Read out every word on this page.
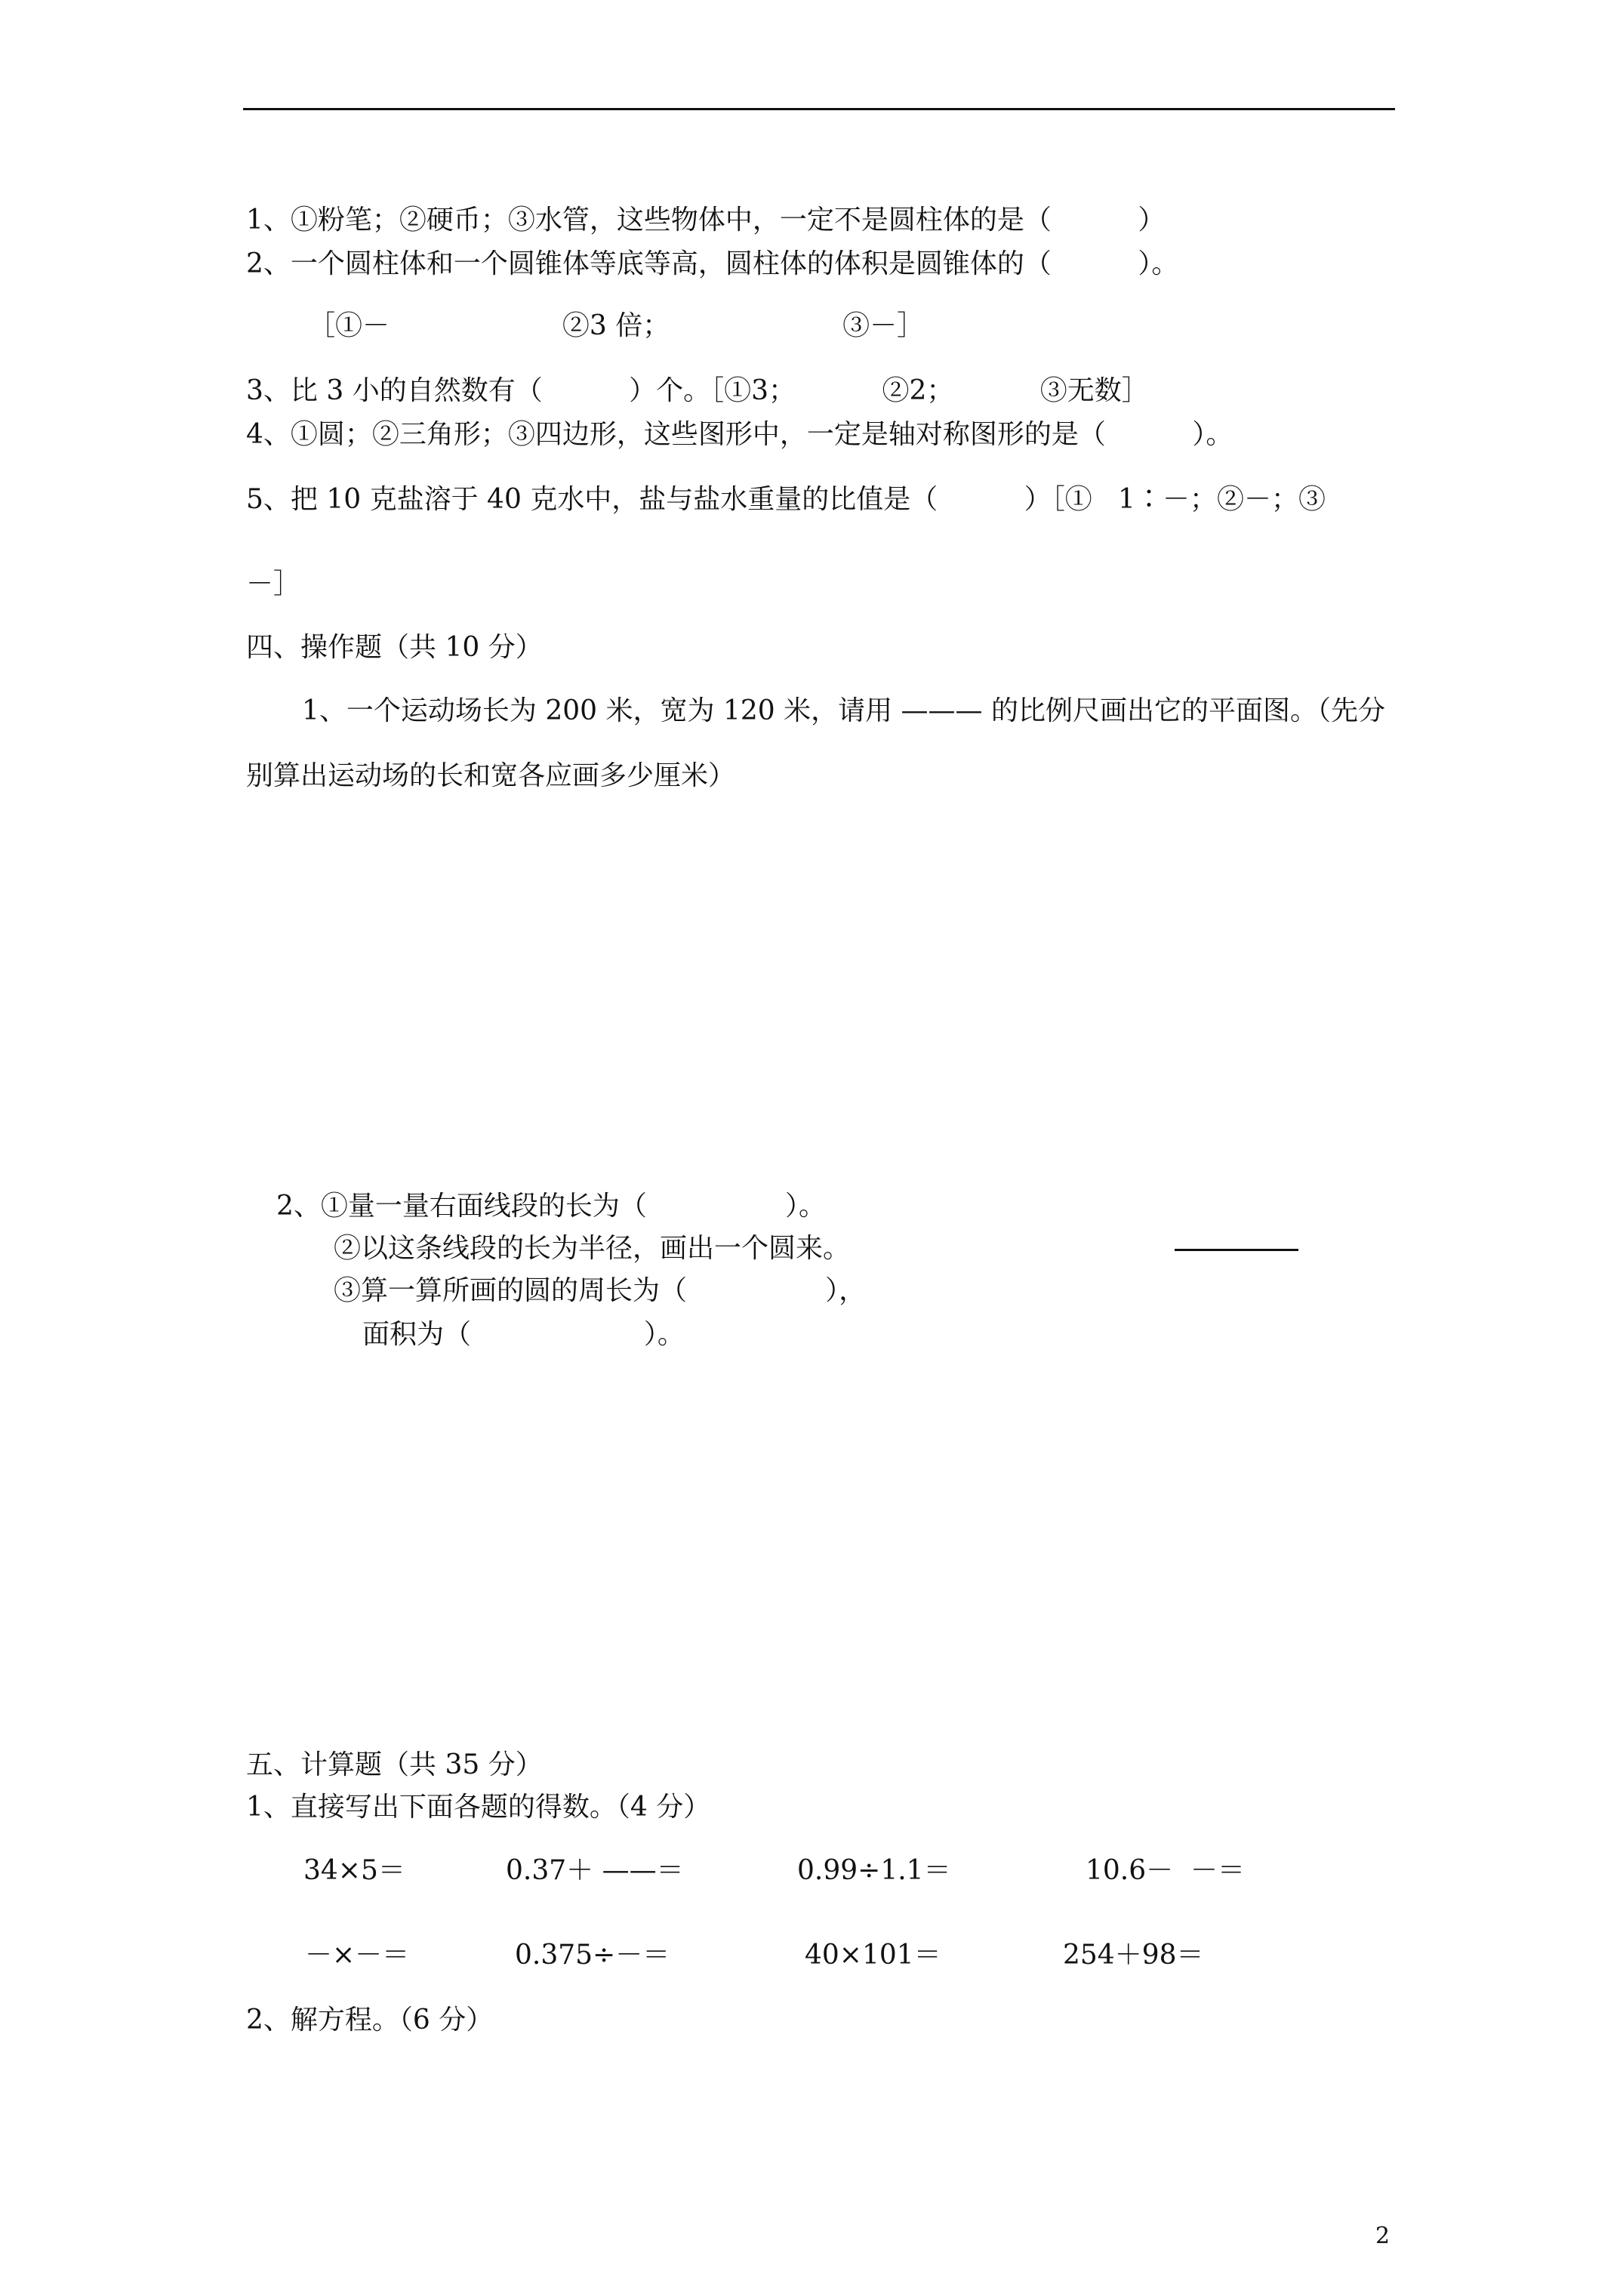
1、①粉笔；②硬币；③水管，这些物体中，一定不是圆柱体的是（          ）
2、一个圆柱体和一个圆锥体等底等高，圆柱体的体积是圆锥体的（          ）。
［①－                    ②3 倍；                    ③－］
3、比 3 小的自然数有（          ）个。［①3；          ②2；          ③无数］
4、①圆；②三角形；③四边形，这些图形中，一定是轴对称图形的是（          ）。
5、把 10 克盐溶于 40 克水中，盐与盐水重量的比值是（          ）［①   1∶－；②－；③
－］
四、操作题（共 10 分）
1、一个运动场长为 200 米，宽为 120 米，请用 ——— 的比例尺画出它的平面图。（先分
别算出运动场的长和宽各应画多少厘米）
2、①量一量右面线段的长为（                ）。
②以这条线段的长为半径，画出一个圆来。
③算一算所画的圆的周长为（                ），
面积为（                    ）。
五、计算题（共 35 分）
1、直接写出下面各题的得数。（4 分）
34×5＝	0.37＋ ——＝	0.99÷1.1＝	10.6－  －＝
－×－＝	0.375÷－＝	40×101＝	254＋98＝
2、解方程。（6 分）
2
